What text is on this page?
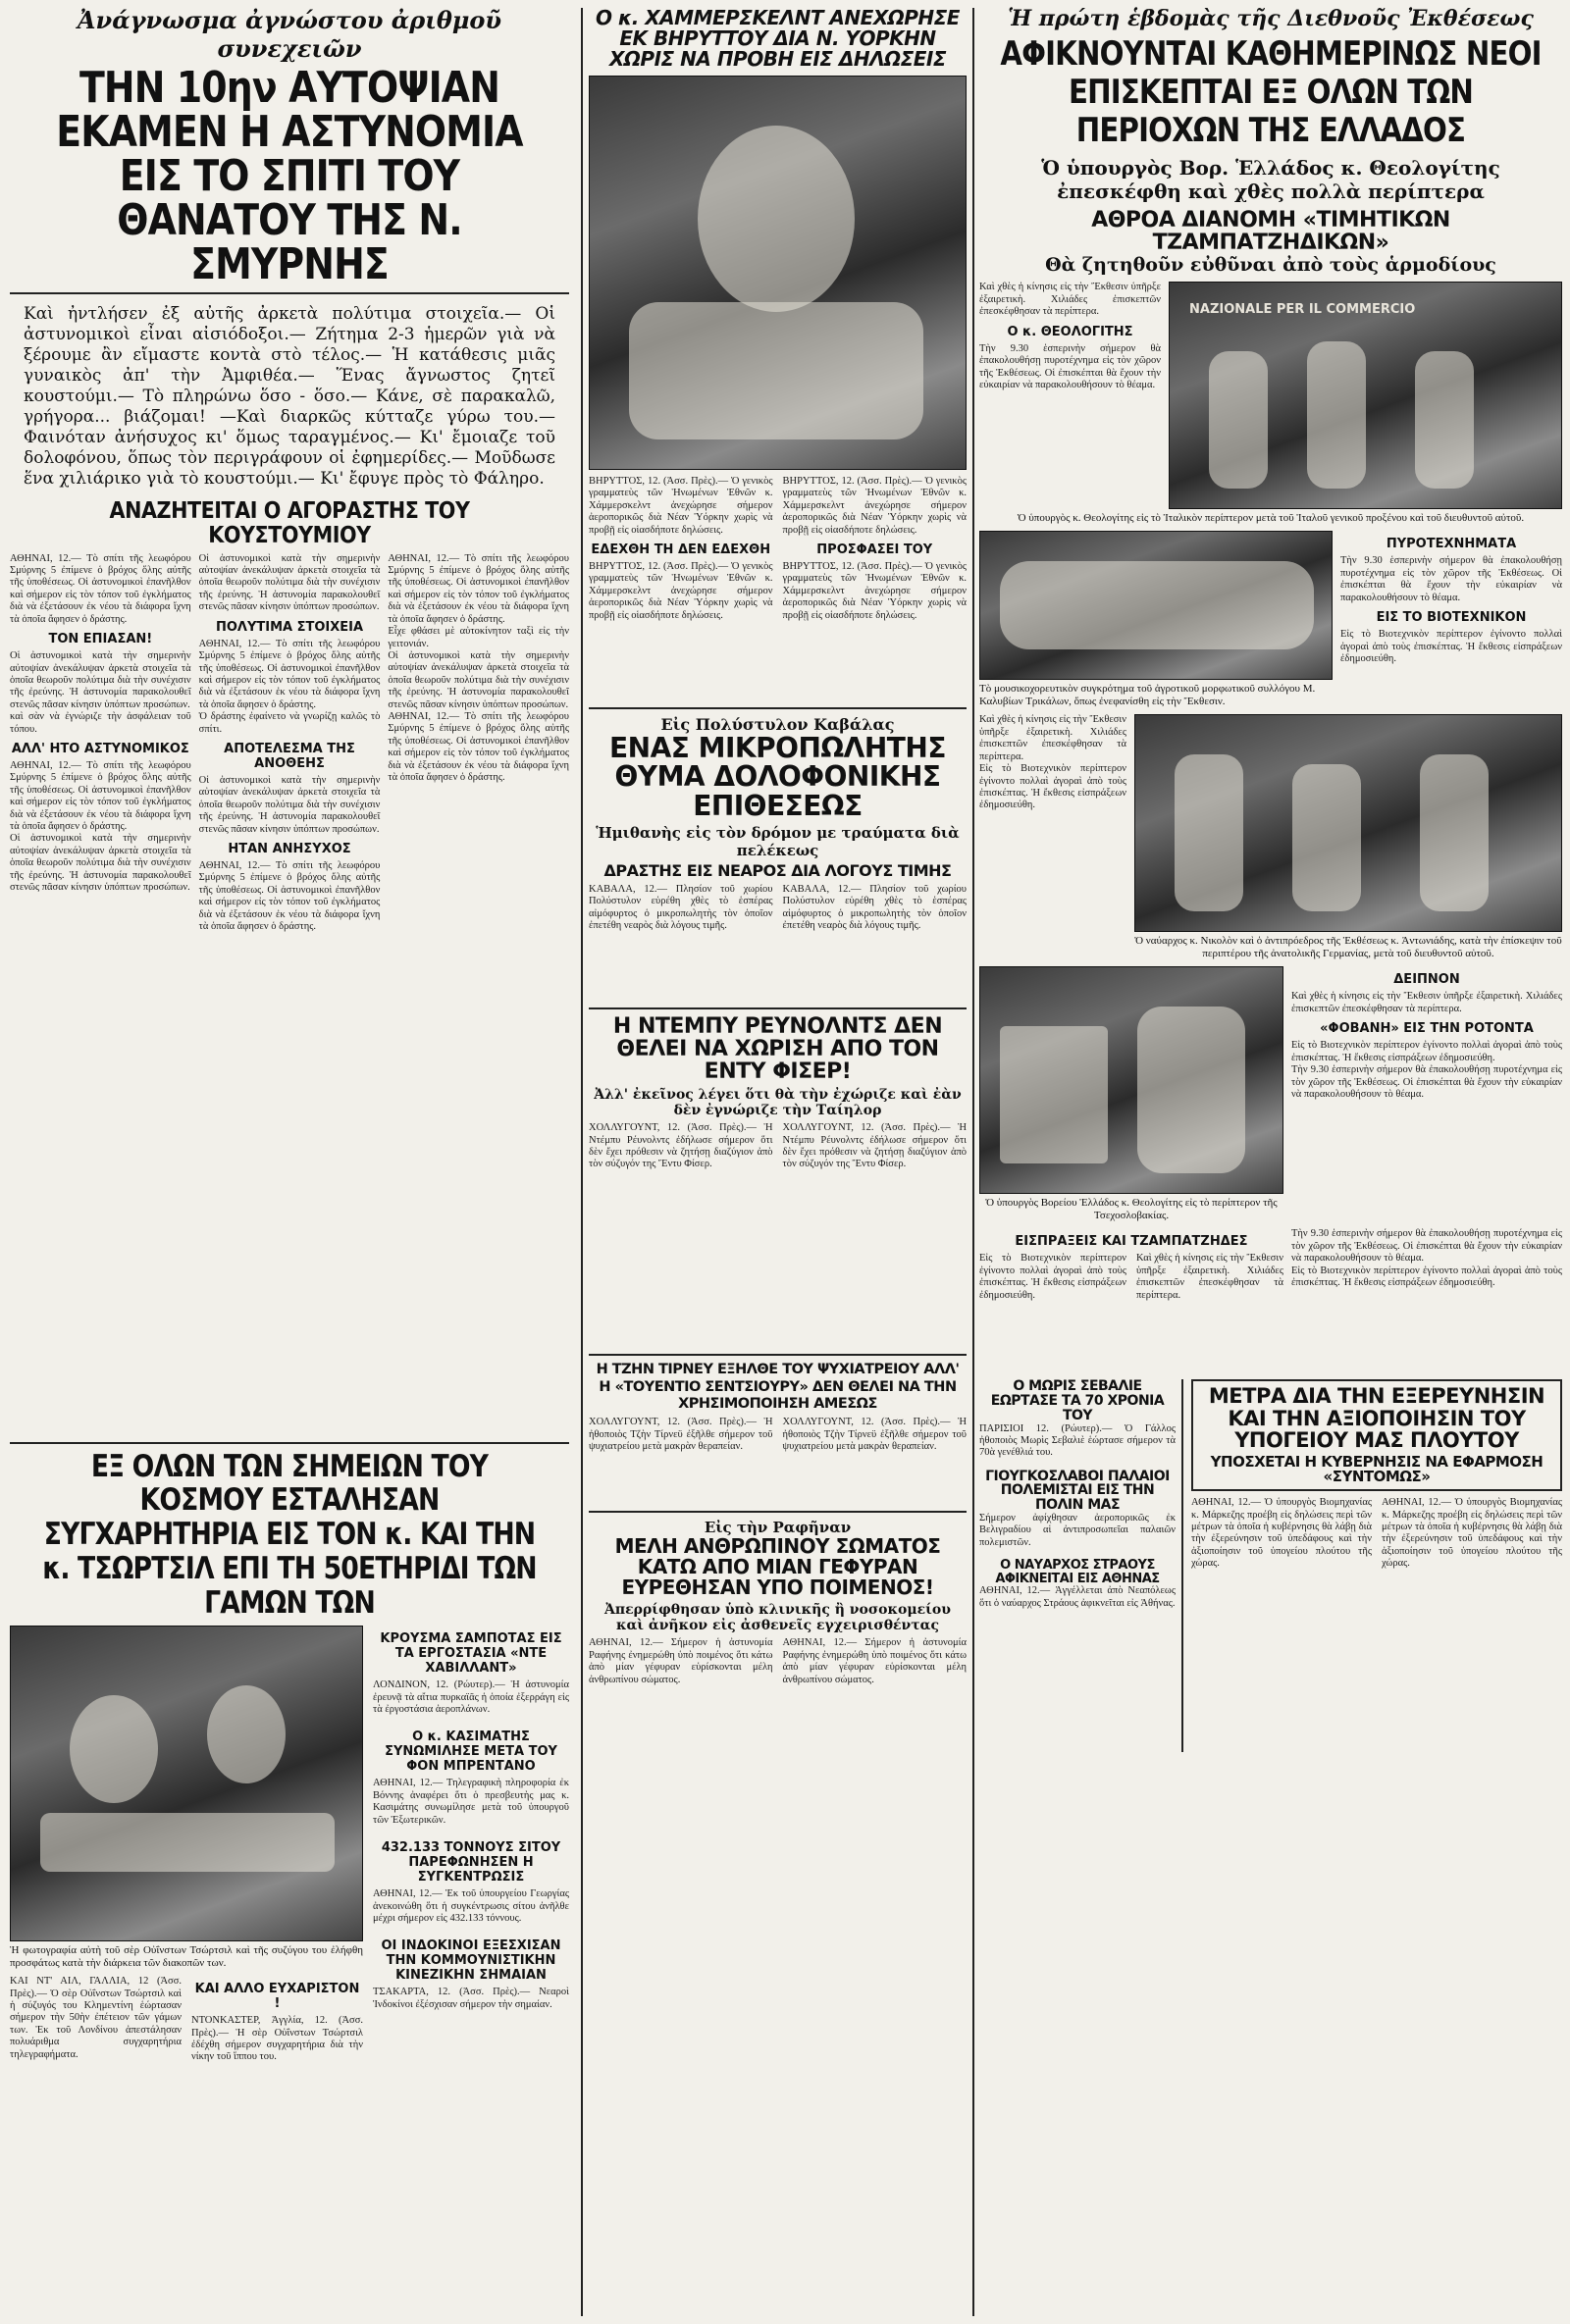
Ἀνάγνωσμα ἀγνώστου ἀριθμοῦ συνεχειῶν
ΤΗΝ 10ην ΑΥΤΟΨΙΑΝ ΕΚΑΜΕΝ Η ΑΣΤΥΝΟΜΙΑ ΕΙΣ ΤΟ ΣΠΙΤΙ ΤΟΥ ΘΑΝΑΤΟΥ ΤΗΣ Ν. ΣΜΥΡΝΗΣ
Καὶ ἠντλήσεν ἐξ αὐτῆς ἀρκετὰ πολύτιμα στοιχεῖα.— Οἱ ἀστυνομικοὶ εἶναι αἰσιόδοξοι.— Ζήτημα 2-3 ἡμερῶν γιὰ νὰ ξέρουμε ἂν εἴμαστε κοντὰ στὸ τέλος.— Ἡ κατάθεσις μιᾶς γυναικὸς ἀπ' τὴν Ἀμφιθέα.— Ἕνας ἄγνωστος ζητεῖ κουστούμι.— Τὸ πληρώνω ὅσο - ὅσο.— Κάνε, σὲ παρακαλῶ, γρήγορα... βιάζομαι! —Καὶ διαρκῶς κύτταζε γύρω του.— Φαινόταν ἀνήσυχος κι' ὅμως ταραγμένος.— Κι' ἔμοιαζε τοῦ δολοφόνου, ὅπως τὸν περιγράφουν οἱ ἐφημερίδες.— Μοῦδωσε ἕνα χιλιάρικο γιὰ τὸ κουστούμι.— Κι' ἔφυγε πρὸς τὸ Φάληρο.
ΑΝΑΖΗΤΕΙΤΑΙ Ο ΑΓΟΡΑΣΤΗΣ ΤΟΥ ΚΟΥΣΤΟΥΜΙΟΥ
ΑΘΗΝΑΙ, 12.— Τὸ σπίτι τῆς λεωφόρου Σμύρνης 5 ἐπίμενε ὁ βρόχος ὅλης αὐτῆς τῆς ὑποθέσεως. Οἱ ἀστυνομικοὶ ἐπανῆλθον καὶ σήμερον εἰς τὸν τόπον τοῦ ἐγκλήματος διὰ νὰ ἐξετάσουν ἐκ νέου τὰ διάφορα ἴχνη τὰ ὁποῖα ἄφησεν ὁ δράστης.
ΤΟΝ ΕΠΙΑΣΑΝ!
Οἱ ἀστυνομικοὶ κατὰ τὴν σημερινὴν αὐτοψίαν ἀνεκάλυψαν ἀρκετὰ στοιχεῖα τὰ ὁποῖα θεωροῦν πολύτιμα διὰ τὴν συνέχισιν τῆς ἐρεύνης. Ἡ ἀστυνομία παρακολουθεῖ στενῶς πᾶσαν κίνησιν ὑπόπτων προσώπων.
καὶ σὰν νὰ ἐγνώριζε τὴν ἀσφάλειαν τοῦ τόπου.
ΑΛΛ' ΗΤΟ ΑΣΤΥΝΟΜΙΚΟΣ
ΑΘΗΝΑΙ, 12.— Τὸ σπίτι τῆς λεωφόρου Σμύρνης 5 ἐπίμενε ὁ βρόχος ὅλης αὐτῆς τῆς ὑποθέσεως. Οἱ ἀστυνομικοὶ ἐπανῆλθον καὶ σήμερον εἰς τὸν τόπον τοῦ ἐγκλήματος διὰ νὰ ἐξετάσουν ἐκ νέου τὰ διάφορα ἴχνη τὰ ὁποῖα ἄφησεν ὁ δράστης.
Οἱ ἀστυνομικοὶ κατὰ τὴν σημερινὴν αὐτοψίαν ἀνεκάλυψαν ἀρκετὰ στοιχεῖα τὰ ὁποῖα θεωροῦν πολύτιμα διὰ τὴν συνέχισιν τῆς ἐρεύνης. Ἡ ἀστυνομία παρακολουθεῖ στενῶς πᾶσαν κίνησιν ὑπόπτων προσώπων.
Οἱ ἀστυνομικοὶ κατὰ τὴν σημερινὴν αὐτοψίαν ἀνεκάλυψαν ἀρκετὰ στοιχεῖα τὰ ὁποῖα θεωροῦν πολύτιμα διὰ τὴν συνέχισιν τῆς ἐρεύνης. Ἡ ἀστυνομία παρακολουθεῖ στενῶς πᾶσαν κίνησιν ὑπόπτων προσώπων.
ΠΟΛΥΤΙΜΑ ΣΤΟΙΧΕΙΑ
ΑΘΗΝΑΙ, 12.— Τὸ σπίτι τῆς λεωφόρου Σμύρνης 5 ἐπίμενε ὁ βρόχος ὅλης αὐτῆς τῆς ὑποθέσεως. Οἱ ἀστυνομικοὶ ἐπανῆλθον καὶ σήμερον εἰς τὸν τόπον τοῦ ἐγκλήματος διὰ νὰ ἐξετάσουν ἐκ νέου τὰ διάφορα ἴχνη τὰ ὁποῖα ἄφησεν ὁ δράστης.
Ὁ δράστης ἐφαίνετο νὰ γνωρίζῃ καλῶς τὸ σπίτι.
ΑΠΟΤΕΛΕΣΜΑ ΤΗΣ ΑΝΟΘΕΗΣ
Οἱ ἀστυνομικοὶ κατὰ τὴν σημερινὴν αὐτοψίαν ἀνεκάλυψαν ἀρκετὰ στοιχεῖα τὰ ὁποῖα θεωροῦν πολύτιμα διὰ τὴν συνέχισιν τῆς ἐρεύνης. Ἡ ἀστυνομία παρακολουθεῖ στενῶς πᾶσαν κίνησιν ὑπόπτων προσώπων.
ΗΤΑΝ ΑΝΗΣΥΧΟΣ
ΑΘΗΝΑΙ, 12.— Τὸ σπίτι τῆς λεωφόρου Σμύρνης 5 ἐπίμενε ὁ βρόχος ὅλης αὐτῆς τῆς ὑποθέσεως. Οἱ ἀστυνομικοὶ ἐπανῆλθον καὶ σήμερον εἰς τὸν τόπον τοῦ ἐγκλήματος διὰ νὰ ἐξετάσουν ἐκ νέου τὰ διάφορα ἴχνη τὰ ὁποῖα ἄφησεν ὁ δράστης.
ΑΘΗΝΑΙ, 12.— Τὸ σπίτι τῆς λεωφόρου Σμύρνης 5 ἐπίμενε ὁ βρόχος ὅλης αὐτῆς τῆς ὑποθέσεως. Οἱ ἀστυνομικοὶ ἐπανῆλθον καὶ σήμερον εἰς τὸν τόπον τοῦ ἐγκλήματος διὰ νὰ ἐξετάσουν ἐκ νέου τὰ διάφορα ἴχνη τὰ ὁποῖα ἄφησεν ὁ δράστης.
Εἶχε φθάσει μὲ αὐτοκίνητον ταξὶ εἰς τὴν γειτονιάν.
Οἱ ἀστυνομικοὶ κατὰ τὴν σημερινὴν αὐτοψίαν ἀνεκάλυψαν ἀρκετὰ στοιχεῖα τὰ ὁποῖα θεωροῦν πολύτιμα διὰ τὴν συνέχισιν τῆς ἐρεύνης. Ἡ ἀστυνομία παρακολουθεῖ στενῶς πᾶσαν κίνησιν ὑπόπτων προσώπων.
ΑΘΗΝΑΙ, 12.— Τὸ σπίτι τῆς λεωφόρου Σμύρνης 5 ἐπίμενε ὁ βρόχος ὅλης αὐτῆς τῆς ὑποθέσεως. Οἱ ἀστυνομικοὶ ἐπανῆλθον καὶ σήμερον εἰς τὸν τόπον τοῦ ἐγκλήματος διὰ νὰ ἐξετάσουν ἐκ νέου τὰ διάφορα ἴχνη τὰ ὁποῖα ἄφησεν ὁ δράστης.
ΕΞ ΟΛΩΝ ΤΩΝ ΣΗΜΕΙΩΝ ΤΟΥ ΚΟΣΜΟΥ ΕΣΤΑΛΗΣΑΝ ΣΥΓΧΑΡΗΤΗΡΙΑ ΕΙΣ ΤΟΝ κ. ΚΑΙ ΤΗΝ κ. ΤΣΩΡΤΣΙΛ ΕΠΙ ΤΗ 50ΕΤΗΡΙΔΙ ΤΩΝ ΓΑΜΩΝ ΤΩΝ
Ἡ φωτογραφία αὐτὴ τοῦ σὲρ Οὐΐνστων Τσώρτσιλ καὶ τῆς συζύγου του ἐλήφθη προσφάτως κατὰ τὴν διάρκεια τῶν διακοπῶν των.
ΚΑΙ ΝΤ' ΑΙΛ, ΓΑΛΛΙΑ, 12 (Ἀσσ. Πρὲς).— Ὁ σὲρ Οὐΐνστων Τσώρτσιλ καὶ ἡ σύζυγός του Κλημεντίνη ἑώρτασαν σήμερον τὴν 50ὴν ἐπέτειον τῶν γάμων των. Ἐκ τοῦ Λονδίνου ἀπεστάλησαν πολυάριθμα συγχαρητήρια τηλεγραφήματα.
ΚΑΙ ΑΛΛΟ ΕΥΧΑΡΙΣΤΟΝ !
ΝΤΟΝΚΑΣΤΕΡ, Ἀγγλία, 12. (Ἀσσ. Πρὲς).— Ἡ σὲρ Οὐΐνστων Τσώρτσιλ ἐδέχθη σήμερον συγχαρητήρια διὰ τὴν νίκην τοῦ ἵππου του.
ΚΡΟΥΣΜΑ ΣΑΜΠΟΤΑΣ ΕΙΣ ΤΑ ΕΡΓΟΣΤΑΣΙΑ «ΝΤΕ ΧΑΒΙΛΛΑΝΤ»
ΛΟΝΔΙΝΟΝ, 12. (Ρώυτερ).— Ἡ ἀστυνομία ἐρευνᾷ τὰ αἴτια πυρκαϊᾶς ἡ ὁποία ἐξερράγη εἰς τὰ ἐργοστάσια ἀεροπλάνων.
Ο κ. ΚΑΣΙΜΑΤΗΣ ΣΥΝΩΜΙΛΗΣΕ ΜΕΤΑ ΤΟΥ ΦΟΝ ΜΠΡΕΝΤΑΝΟ
ΑΘΗΝΑΙ, 12.— Τηλεγραφικὴ πληροφορία ἐκ Βόννης ἀναφέρει ὅτι ὁ πρεσβευτὴς μας κ. Κασιμάτης συνωμίλησε μετὰ τοῦ ὑπουργοῦ τῶν Ἐξωτερικῶν.
432.133 ΤΟΝΝΟΥΣ ΣΙΤΟΥ ΠΑΡΕΦΩΝΗΣΕΝ Η ΣΥΓΚΕΝΤΡΩΣΙΣ
ΑΘΗΝΑΙ, 12.— Ἐκ τοῦ ὑπουργείου Γεωργίας ἀνεκοινώθη ὅτι ἡ συγκέντρωσις σίτου ἀνῆλθε μέχρι σήμερον εἰς 432.133 τόννους.
ΟΙ ΙΝΔΟΚΙΝΟΙ ΕΞΕΣΧΙΣΑΝ ΤΗΝ ΚΟΜΜΟΥΝΙΣΤΙΚΗΝ ΚΙΝΕΖΙΚΗΝ ΣΗΜΑΙΑΝ
ΤΣΑΚΑΡΤΑ, 12. (Ἀσσ. Πρὲς).— Νεαροὶ Ἰνδοκίνοι ἐξέσχισαν σήμερον τὴν σημαίαν.
Ο κ. ΧΑΜΜΕΡΣΚΕΛΝΤ ΑΝΕΧΩΡΗΣΕ ΕΚ ΒΗΡΥΤΤΟΥ ΔΙΑ Ν. ΥΟΡΚΗΝ ΧΩΡΙΣ ΝΑ ΠΡΟΒΗ ΕΙΣ ΔΗΛΩΣΕΙΣ
ΒΗΡΥΤΤΟΣ, 12. (Ἀσσ. Πρὲς).— Ὁ γενικὸς γραμματεὺς τῶν Ἡνωμένων Ἐθνῶν κ. Χάμμερσκελντ ἀνεχώρησε σήμερον ἀεροπορικῶς διὰ Νέαν Ὑόρκην χωρὶς νὰ προβῇ εἰς οἱασδήποτε δηλώσεις.
ΕΔΕΧΘΗ ΤΗ ΔΕΝ ΕΔΕΧΘΗ
ΒΗΡΥΤΤΟΣ, 12. (Ἀσσ. Πρὲς).— Ὁ γενικὸς γραμματεὺς τῶν Ἡνωμένων Ἐθνῶν κ. Χάμμερσκελντ ἀνεχώρησε σήμερον ἀεροπορικῶς διὰ Νέαν Ὑόρκην χωρὶς νὰ προβῇ εἰς οἱασδήποτε δηλώσεις.
ΒΗΡΥΤΤΟΣ, 12. (Ἀσσ. Πρὲς).— Ὁ γενικὸς γραμματεὺς τῶν Ἡνωμένων Ἐθνῶν κ. Χάμμερσκελντ ἀνεχώρησε σήμερον ἀεροπορικῶς διὰ Νέαν Ὑόρκην χωρὶς νὰ προβῇ εἰς οἱασδήποτε δηλώσεις.
ΠΡΟΣΦΑΣΕΙ ΤΟΥ
ΒΗΡΥΤΤΟΣ, 12. (Ἀσσ. Πρὲς).— Ὁ γενικὸς γραμματεὺς τῶν Ἡνωμένων Ἐθνῶν κ. Χάμμερσκελντ ἀνεχώρησε σήμερον ἀεροπορικῶς διὰ Νέαν Ὑόρκην χωρὶς νὰ προβῇ εἰς οἱασδήποτε δηλώσεις.
Εἰς Πολύστυλον Καβάλας
ΕΝΑΣ ΜΙΚΡΟΠΩΛΗΤΗΣ ΘΥΜΑ ΔΟΛΟΦΟΝΙΚΗΣ ΕΠΙΘΕΣΕΩΣ
Ἡμιθανὴς εἰς τὸν δρόμον με τραύματα διὰ πελέκεως
ΔΡΑΣΤΗΣ ΕΙΣ ΝΕΑΡΟΣ ΔΙΑ ΛΟΓΟΥΣ ΤΙΜΗΣ
ΚΑΒΑΛΑ, 12.— Πλησίον τοῦ χωρίου Πολύστυλον εὑρέθη χθὲς τὸ ἑσπέρας αἰμόφυρτος ὁ μικροπωλητὴς τὸν ὁποῖον ἐπετέθη νεαρὸς διὰ λόγους τιμῆς.
ΚΑΒΑΛΑ, 12.— Πλησίον τοῦ χωρίου Πολύστυλον εὑρέθη χθὲς τὸ ἑσπέρας αἰμόφυρτος ὁ μικροπωλητὴς τὸν ὁποῖον ἐπετέθη νεαρὸς διὰ λόγους τιμῆς.
Η ΝΤΕΜΠΥ ΡΕΥΝΟΛΝΤΣ ΔΕΝ ΘΕΛΕΙ ΝΑ ΧΩΡΙΣΗ ΑΠΟ ΤΟΝ ΕΝΤΥ ΦΙΣΕΡ!
Ἀλλ' ἐκεῖνος λέγει ὅτι θὰ τὴν ἐχώριζε καὶ ἐὰν δὲν ἐγνώριζε τὴν Ταίηλορ
ΧΟΛΛΥΓΟΥΝΤ, 12. (Ἀσσ. Πρὲς).— Ἡ Ντέμπυ Ρέυνολντς ἐδήλωσε σήμερον ὅτι δὲν ἔχει πρόθεσιν νὰ ζητήσῃ διαζύγιον ἀπὸ τὸν σύζυγόν της Ἔντυ Φίσερ.
ΧΟΛΛΥΓΟΥΝΤ, 12. (Ἀσσ. Πρὲς).— Ἡ Ντέμπυ Ρέυνολντς ἐδήλωσε σήμερον ὅτι δὲν ἔχει πρόθεσιν νὰ ζητήσῃ διαζύγιον ἀπὸ τὸν σύζυγόν της Ἔντυ Φίσερ.
Η ΤΖΗΝ ΤΙΡΝΕΥ ΕΞΗΛΘΕ ΤΟΥ ΨΥΧΙΑΤΡΕΙΟΥ ΑΛΛ' Η «ΤΟΥΕΝΤΙΟ ΣΕΝΤΣΙΟΥΡΥ» ΔΕΝ ΘΕΛΕΙ ΝΑ ΤΗΝ ΧΡΗΣΙΜΟΠΟΙΗΣΗ ΑΜΕΣΩΣ
ΧΟΛΛΥΓΟΥΝΤ, 12. (Ἀσσ. Πρὲς).— Ἡ ἠθοποιὸς Τζὴν Τίρνεϋ ἐξῆλθε σήμερον τοῦ ψυχιατρείου μετὰ μακρὰν θεραπείαν.
ΧΟΛΛΥΓΟΥΝΤ, 12. (Ἀσσ. Πρὲς).— Ἡ ἠθοποιὸς Τζὴν Τίρνεϋ ἐξῆλθε σήμερον τοῦ ψυχιατρείου μετὰ μακρὰν θεραπείαν.
Εἰς τὴν Ραφῆναν
ΜΕΛΗ ΑΝΘΡΩΠΙΝΟΥ ΣΩΜΑΤΟΣ ΚΑΤΩ ΑΠΟ ΜΙΑΝ ΓΕΦΥΡΑΝ ΕΥΡΕΘΗΣΑΝ ΥΠΟ ΠΟΙΜΕΝΟΣ!
Ἀπερρίφθησαν ὑπὸ κλινικῆς ἢ νοσοκομείου καὶ ἀνῆκον εἰς ἀσθενεῖς εγχειρισθέντας
ΑΘΗΝΑΙ, 12.— Σήμερον ἡ ἀστυνομία Ραφήνης ἐνημερώθη ὑπὸ ποιμένος ὅτι κάτω ἀπὸ μίαν γέφυραν εὑρίσκονται μέλη ἀνθρωπίνου σώματος.
ΑΘΗΝΑΙ, 12.— Σήμερον ἡ ἀστυνομία Ραφήνης ἐνημερώθη ὑπὸ ποιμένος ὅτι κάτω ἀπὸ μίαν γέφυραν εὑρίσκονται μέλη ἀνθρωπίνου σώματος.
Ἡ πρώτη ἑβδομὰς τῆς Διεθνοῦς Ἐκθέσεως
ΑΦΙΚΝΟΥΝΤΑΙ ΚΑΘΗΜΕΡΙΝΩΣ ΝΕΟΙ ΕΠΙΣΚΕΠΤΑΙ ΕΞ ΟΛΩΝ ΤΩΝ ΠΕΡΙΟΧΩΝ ΤΗΣ ΕΛΛΑΔΟΣ
Ὁ ὑπουργὸς Βορ. Ἑλλάδος κ. Θεολογίτης
ἐπεσκέφθη καὶ χθὲς πολλὰ περίπτερα
ΑΘΡΟΑ ΔΙΑΝΟΜΗ «ΤΙΜΗΤΙΚΩΝ ΤΖΑΜΠΑΤΖΗΔΙΚΩΝ»
Θὰ ζητηθοῦν εὐθῦναι ἀπὸ τοὺς ἁρμοδίους
Καὶ χθὲς ἡ κίνησις εἰς τὴν Ἔκθεσιν ὑπῆρξε ἐξαιρετικὴ. Χιλιάδες ἐπισκεπτῶν ἐπεσκέφθησαν τὰ περίπτερα.
Ο κ. ΘΕΟΛΟΓΙΤΗΣ
Τὴν 9.30 ἑσπερινὴν σήμερον θὰ ἐπακολουθήσῃ πυροτέχνημα εἰς τὸν χῶρον τῆς Ἐκθέσεως. Οἱ ἐπισκέπται θὰ ἔχουν τὴν εὐκαιρίαν νὰ παρακολουθήσουν τὸ θέαμα.
NAZIONALE PER IL COMMERCIO
Ὁ ὑπουργὸς κ. Θεολογίτης εἰς τὸ Ἰταλικὸν περίπτερον μετὰ τοῦ Ἰταλοῦ γενικοῦ προξένου καὶ τοῦ διευθυντοῦ αὐτοῦ.
ΠΥΡΟΤΕΧΝΗΜΑΤΑ
Τὴν 9.30 ἑσπερινὴν σήμερον θὰ ἐπακολουθήσῃ πυροτέχνημα εἰς τὸν χῶρον τῆς Ἐκθέσεως. Οἱ ἐπισκέπται θὰ ἔχουν τὴν εὐκαιρίαν νὰ παρακολουθήσουν τὸ θέαμα.
ΕΙΣ ΤΟ ΒΙΟΤΕΧΝΙΚΟΝ
Εἰς τὸ Βιοτεχνικὸν περίπτερον ἐγίνοντο πολλαὶ ἀγοραὶ ἀπὸ τοὺς ἐπισκέπτας. Ἡ ἔκθεσις εἰσπράξεων ἐδημοσιεύθη.
Τὸ μουσικοχορευτικὸν συγκρότημα τοῦ ἀγροτικοῦ μορφωτικοῦ συλλόγου Μ. Καλυβίων Τρικάλων, ὅπως ἐνεφανίσθη εἰς τὴν Ἔκθεσιν.
Καὶ χθὲς ἡ κίνησις εἰς τὴν Ἔκθεσιν ὑπῆρξε ἐξαιρετικὴ. Χιλιάδες ἐπισκεπτῶν ἐπεσκέφθησαν τὰ περίπτερα.
Εἰς τὸ Βιοτεχνικὸν περίπτερον ἐγίνοντο πολλαὶ ἀγοραὶ ἀπὸ τοὺς ἐπισκέπτας. Ἡ ἔκθεσις εἰσπράξεων ἐδημοσιεύθη.
Ὁ ναύαρχος κ. Νικολὸν καὶ ὁ ἀντιπρόεδρος τῆς Ἐκθέσεως κ. Ἀντωνιάδης, κατὰ τὴν ἐπίσκεψιν τοῦ περιπτέρου τῆς ἀνατολικῆς Γερμανίας, μετὰ τοῦ διευθυντοῦ αὐτοῦ.
Ὁ ὑπουργὸς Βορείου Ἑλλάδος κ. Θεολογίτης εἰς τὸ περίπτερον τῆς Τσεχοσλοβακίας.
ΔΕΙΠΝΟΝ
Καὶ χθὲς ἡ κίνησις εἰς τὴν Ἔκθεσιν ὑπῆρξε ἐξαιρετικὴ. Χιλιάδες ἐπισκεπτῶν ἐπεσκέφθησαν τὰ περίπτερα.
«ΦΟΒΑΝΗ» ΕΙΣ ΤΗΝ ΡΟΤΟΝΤΑ
Εἰς τὸ Βιοτεχνικὸν περίπτερον ἐγίνοντο πολλαὶ ἀγοραὶ ἀπὸ τοὺς ἐπισκέπτας. Ἡ ἔκθεσις εἰσπράξεων ἐδημοσιεύθη.
Τὴν 9.30 ἑσπερινὴν σήμερον θὰ ἐπακολουθήσῃ πυροτέχνημα εἰς τὸν χῶρον τῆς Ἐκθέσεως. Οἱ ἐπισκέπται θὰ ἔχουν τὴν εὐκαιρίαν νὰ παρακολουθήσουν τὸ θέαμα.
ΕΙΣΠΡΑΞΕΙΣ ΚΑΙ ΤΖΑΜΠΑΤΖΗΔΕΣ
Εἰς τὸ Βιοτεχνικὸν περίπτερον ἐγίνοντο πολλαὶ ἀγοραὶ ἀπὸ τοὺς ἐπισκέπτας. Ἡ ἔκθεσις εἰσπράξεων ἐδημοσιεύθη.
Καὶ χθὲς ἡ κίνησις εἰς τὴν Ἔκθεσιν ὑπῆρξε ἐξαιρετικὴ. Χιλιάδες ἐπισκεπτῶν ἐπεσκέφθησαν τὰ περίπτερα.
Τὴν 9.30 ἑσπερινὴν σήμερον θὰ ἐπακολουθήσῃ πυροτέχνημα εἰς τὸν χῶρον τῆς Ἐκθέσεως. Οἱ ἐπισκέπται θὰ ἔχουν τὴν εὐκαιρίαν νὰ παρακολουθήσουν τὸ θέαμα.
Εἰς τὸ Βιοτεχνικὸν περίπτερον ἐγίνοντο πολλαὶ ἀγοραὶ ἀπὸ τοὺς ἐπισκέπτας. Ἡ ἔκθεσις εἰσπράξεων ἐδημοσιεύθη.
Ο ΜΩΡΙΣ ΣΕΒΑΛΙΕ ΕΩΡΤΑΣΕ ΤΑ 70 ΧΡΟΝΙΑ ΤΟΥ
ΠΑΡΙΣΙΟΙ 12. (Ρώυτερ).— Ὁ Γάλλος ἠθοποιὸς Μωρὶς Σεβαλιὲ ἑώρτασε σήμερον τὰ 70ὰ γενέθλιά του.
ΓΙΟΥΓΚΟΣΛΑΒΟΙ ΠΑΛΑΙΟΙ ΠΟΛΕΜΙΣΤΑΙ ΕΙΣ ΤΗΝ ΠΟΛΙΝ ΜΑΣ
Σήμερον ἀφίχθησαν ἀεροπορικῶς ἐκ Βελιγραδίου αἱ ἀντιπροσωπεῖαι παλαιῶν πολεμιστῶν.
Ο ΝΑΥΑΡΧΟΣ ΣΤΡΑΟΥΣ ΑΦΙΚΝΕΙΤΑΙ ΕΙΣ ΑΘΗΝΑΣ
ΑΘΗΝΑΙ, 12.— Ἀγγέλλεται ἀπὸ Νεαπόλεως ὅτι ὁ ναύαρχος Στράους ἀφικνεῖται εἰς Ἀθήνας.
ΜΕΤΡΑ ΔΙΑ ΤΗΝ ΕΞΕΡΕΥΝΗΣΙΝ ΚΑΙ ΤΗΝ ΑΞΙΟΠΟΙΗΣΙΝ ΤΟΥ ΥΠΟΓΕΙΟΥ ΜΑΣ ΠΛΟΥΤΟΥ
ΥΠΟΣΧΕΤΑΙ Η ΚΥΒΕΡΝΗΣΙΣ ΝΑ ΕΦΑΡΜΟΣΗ «ΣΥΝΤΟΜΩΣ»
ΑΘΗΝΑΙ, 12.— Ὁ ὑπουργὸς Βιομηχανίας κ. Μάρκεζης προέβη εἰς δηλώσεις περὶ τῶν μέτρων τὰ ὁποῖα ἡ κυβέρνησις θὰ λάβῃ διὰ τὴν ἐξερεύνησιν τοῦ ὑπεδάφους καὶ τὴν ἀξιοποίησιν τοῦ ὑπογείου πλούτου τῆς χώρας.
ΑΘΗΝΑΙ, 12.— Ὁ ὑπουργὸς Βιομηχανίας κ. Μάρκεζης προέβη εἰς δηλώσεις περὶ τῶν μέτρων τὰ ὁποῖα ἡ κυβέρνησις θὰ λάβῃ διὰ τὴν ἐξερεύνησιν τοῦ ὑπεδάφους καὶ τὴν ἀξιοποίησιν τοῦ ὑπογείου πλούτου τῆς χώρας.
